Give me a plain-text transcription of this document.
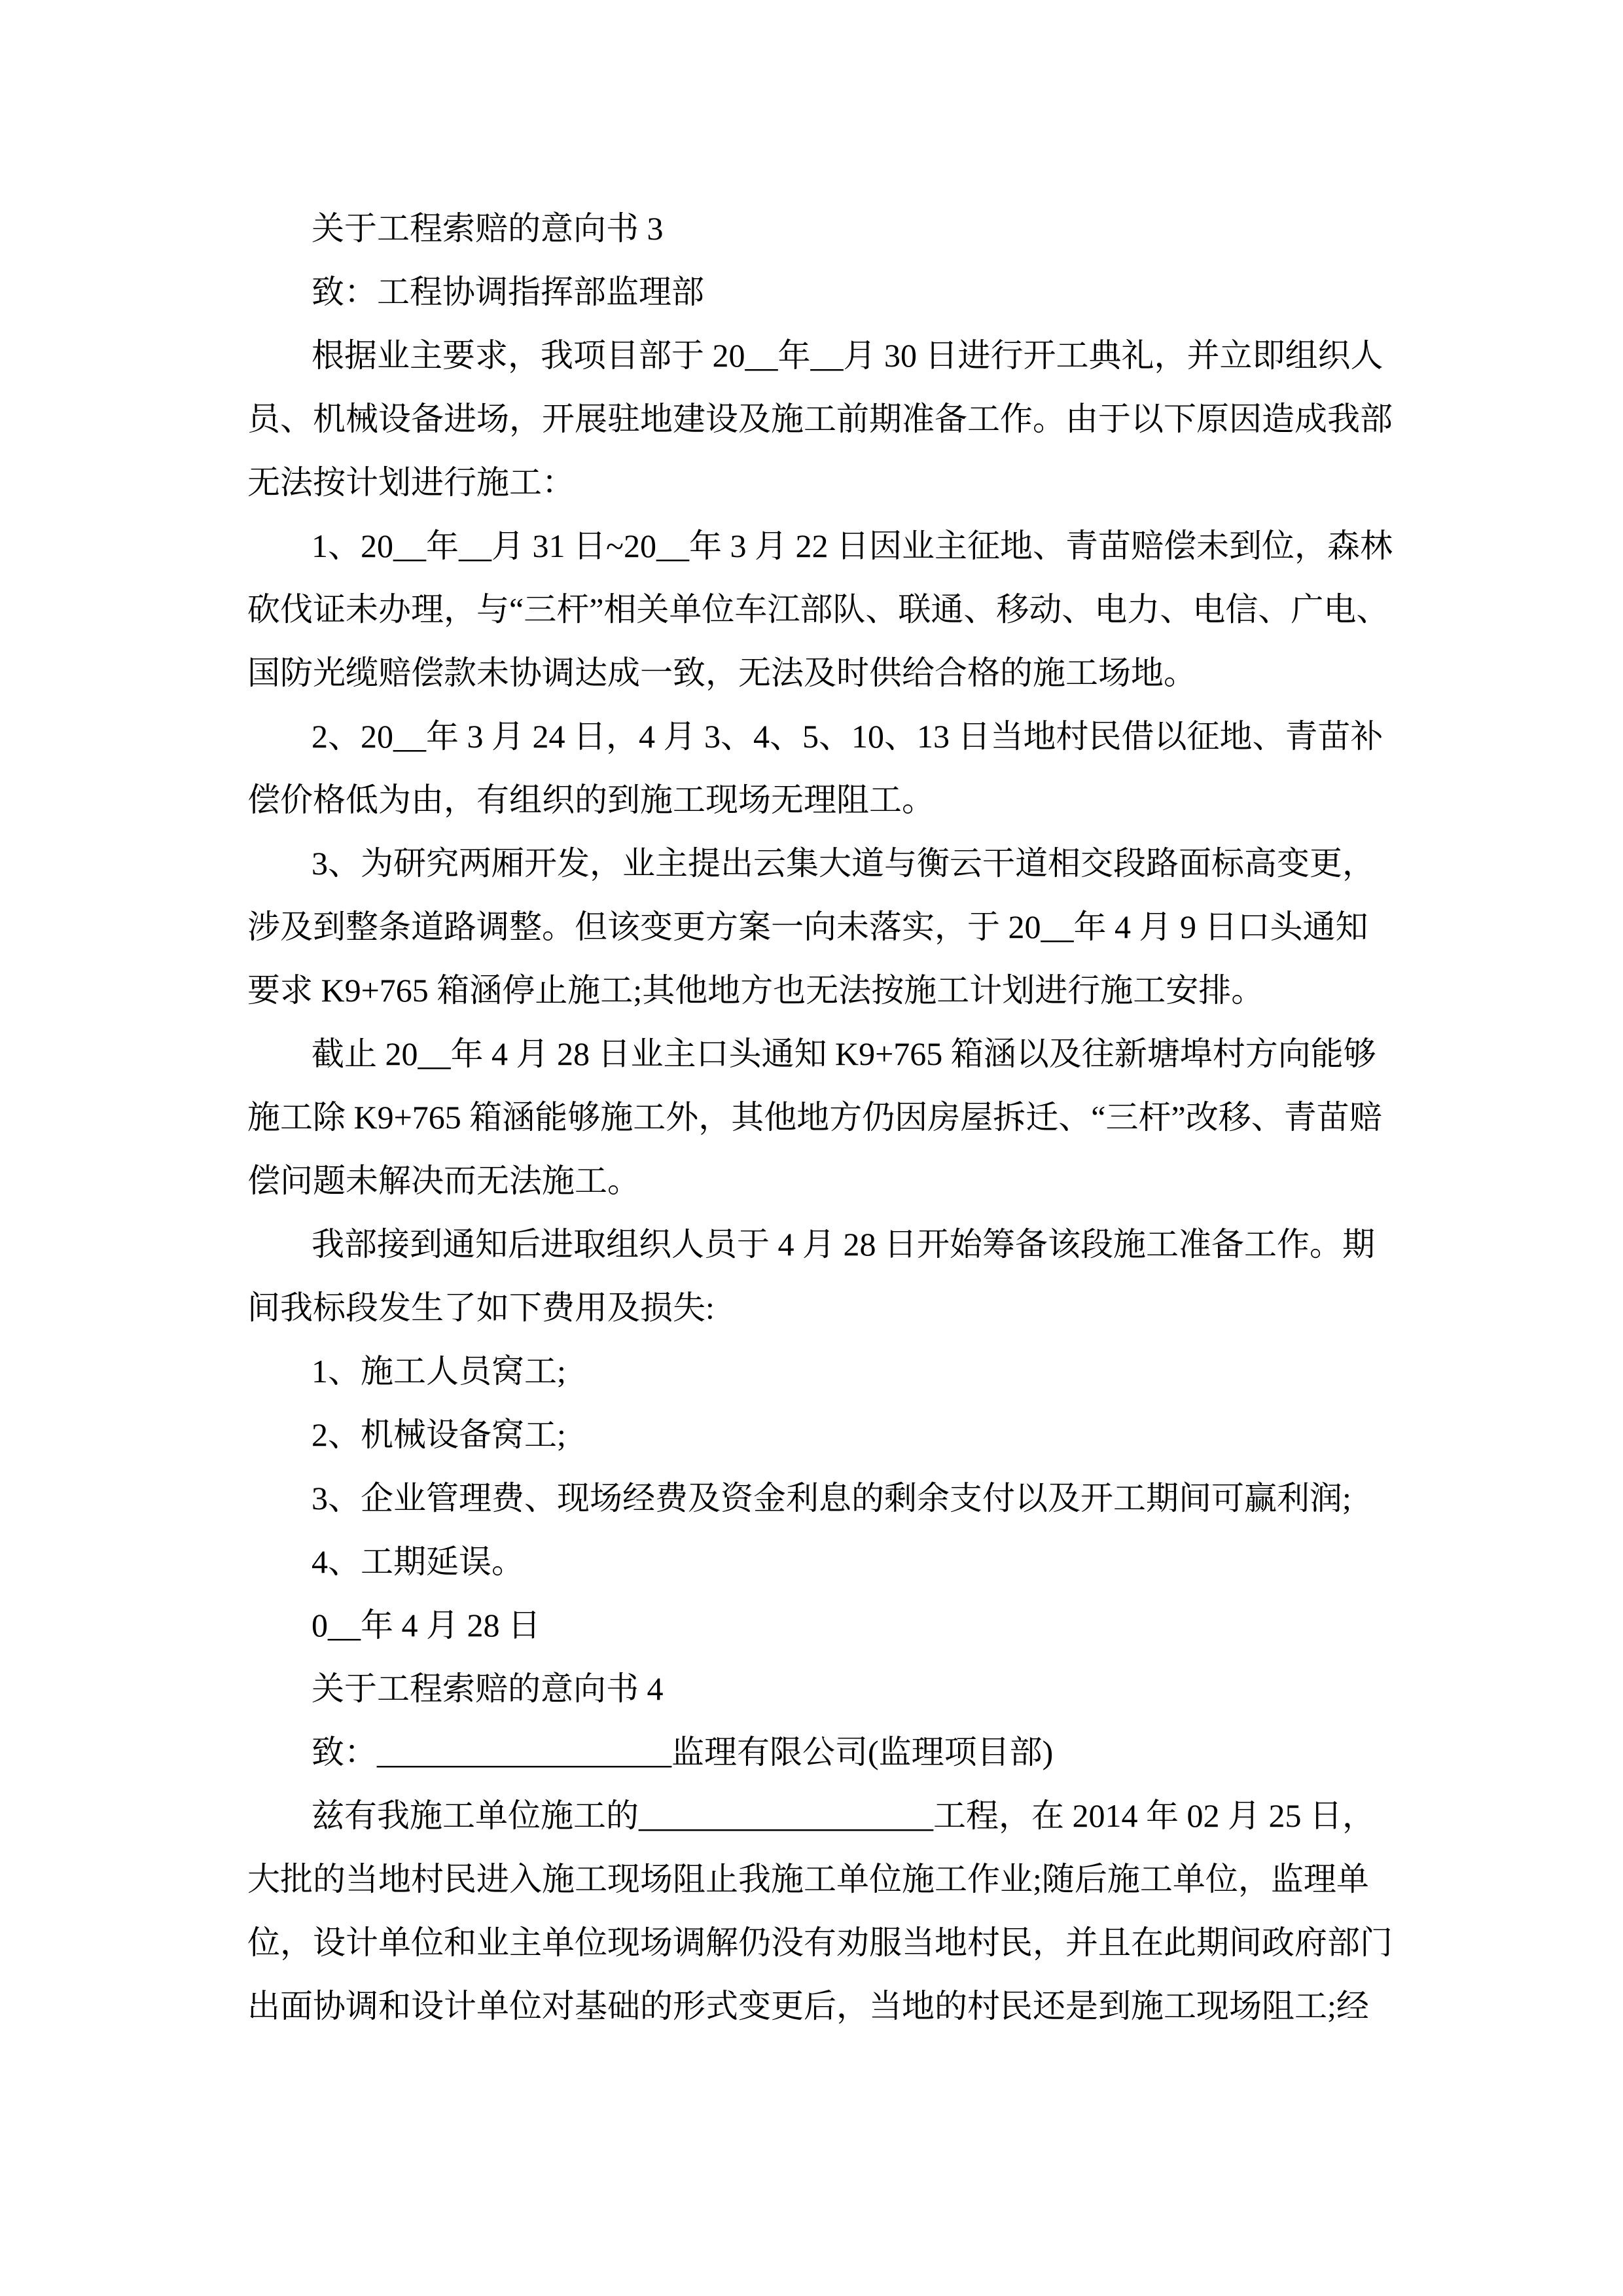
关于工程索赔的意向书 3
致：工程协调指挥部监理部
根据业主要求，我项目部于 20__年__月 30 日进行开工典礼，并立即组织人
员、机械设备进场，开展驻地建设及施工前期准备工作。由于以下原因造成我部
无法按计划进行施工：
1、20__年__月 31 日~20__年 3 月 22 日因业主征地、青苗赔偿未到位，森林
砍伐证未办理，与“三杆”相关单位车江部队、联通、移动、电力、电信、广电、
国防光缆赔偿款未协调达成一致，无法及时供给合格的施工场地。
2、20__年 3 月 24 日，4 月 3、4、5、10、13 日当地村民借以征地、青苗补
偿价格低为由，有组织的到施工现场无理阻工。
3、为研究两厢开发，业主提出云集大道与衡云干道相交段路面标高变更，
涉及到整条道路调整。但该变更方案一向未落实，于 20__年 4 月 9 日口头通知
要求 K9+765 箱涵停止施工;其他地方也无法按施工计划进行施工安排。
截止 20__年 4 月 28 日业主口头通知 K9+765 箱涵以及往新塘埠村方向能够
施工除 K9+765 箱涵能够施工外，其他地方仍因房屋拆迁、“三杆”改移、青苗赔
偿问题未解决而无法施工。
我部接到通知后进取组织人员于 4 月 28 日开始筹备该段施工准备工作。期
间我标段发生了如下费用及损失:
1、施工人员窝工;
2、机械设备窝工;
3、企业管理费、现场经费及资金利息的剩余支付以及开工期间可赢利润;
4、工期延误。
0__年 4 月 28 日
关于工程索赔的意向书 4
致：__________________监理有限公司(监理项目部)
兹有我施工单位施工的__________________工程，在 2014 年 02 月 25 日，
大批的当地村民进入施工现场阻止我施工单位施工作业;随后施工单位，监理单
位，设计单位和业主单位现场调解仍没有劝服当地村民，并且在此期间政府部门
出面协调和设计单位对基础的形式变更后，当地的村民还是到施工现场阻工;经
